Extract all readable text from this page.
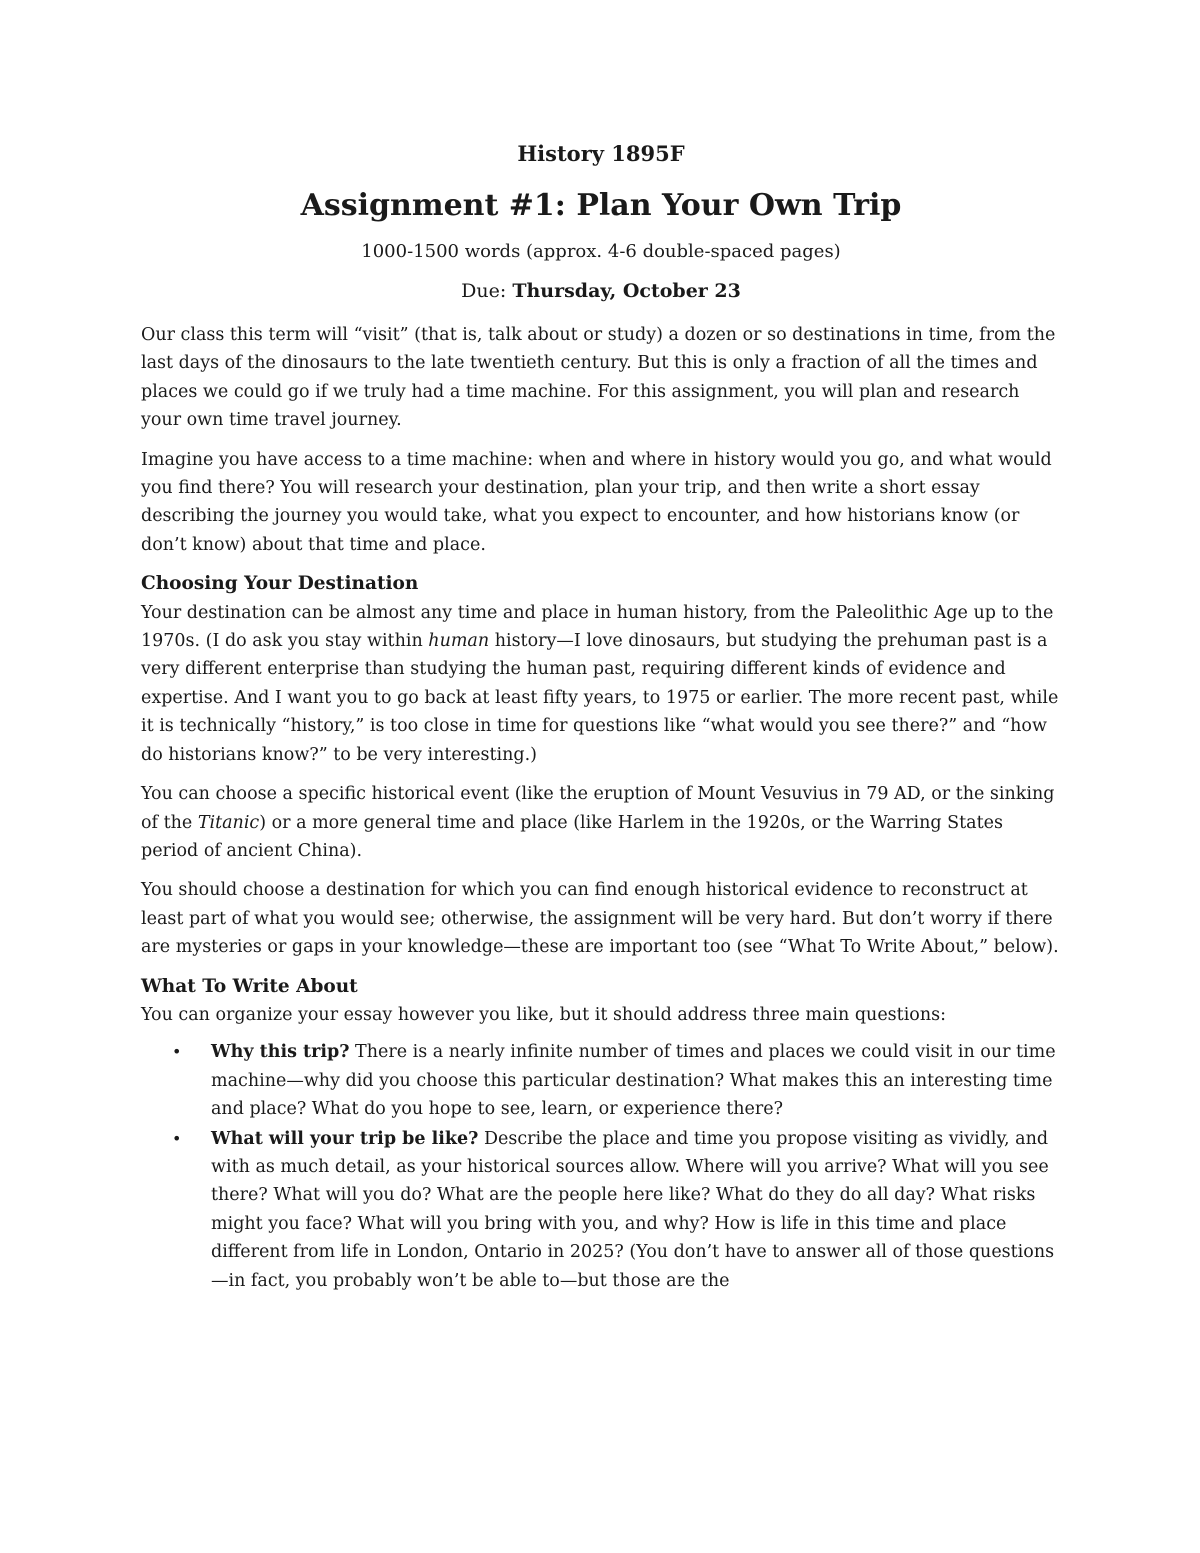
History 1895F
Assignment #1: Plan Your Own Trip
1000-1500 words (approx. 4-6 double-spaced pages)
Due: Thursday, October 23

Our class this term will “visit” (that is, talk about or study) a dozen or so destinations in time, from the last days of the dinosaurs to the late twentieth century. But this is only a fraction of all the times and places we could go if we truly had a time machine. For this assignment, you will plan and research your own time travel journey.

Imagine you have access to a time machine: when and where in history would you go, and what would you find there? You will research your destination, plan your trip, and then write a short essay describing the journey you would take, what you expect to encounter, and how historians know (or don’t know) about that time and place.

Choosing Your Destination

Your destination can be almost any time and place in human history, from the Paleolithic Age up to the 1970s. (I do ask you stay within human history—I love dinosaurs, but studying the prehuman past is a very different enterprise than studying the human past, requiring different kinds of evidence and expertise. And I want you to go back at least fifty years, to 1975 or earlier. The more recent past, while it is technically “history,” is too close in time for questions like “what would you see there?” and “how do historians know?” to be very interesting.)

You can choose a specific historical event (like the eruption of Mount Vesuvius in 79 AD, or the sinking of the Titanic) or a more general time and place (like Harlem in the 1920s, or the Warring States period of ancient China).

You should choose a destination for which you can find enough historical evidence to reconstruct at least part of what you would see; otherwise, the assignment will be very hard. But don’t worry if there are mysteries or gaps in your knowledge—these are important too (see “What To Write About,” below).

What To Write About

You can organize your essay however you like, but it should address three main questions:

• Why this trip? There is a nearly infinite number of times and places we could visit in our time machine—why did you choose this particular destination? What makes this an interesting time and place? What do you hope to see, learn, or experience there?
• What will your trip be like? Describe the place and time you propose visiting as vividly, and with as much detail, as your historical sources allow. Where will you arrive? What will you see there? What will you do? What are the people here like? What do they do all day? What risks might you face? What will you bring with you, and why? How is life in this time and place different from life in London, Ontario in 2025? (You don’t have to answer all of those questions—in fact, you probably won’t be able to—but those are the
